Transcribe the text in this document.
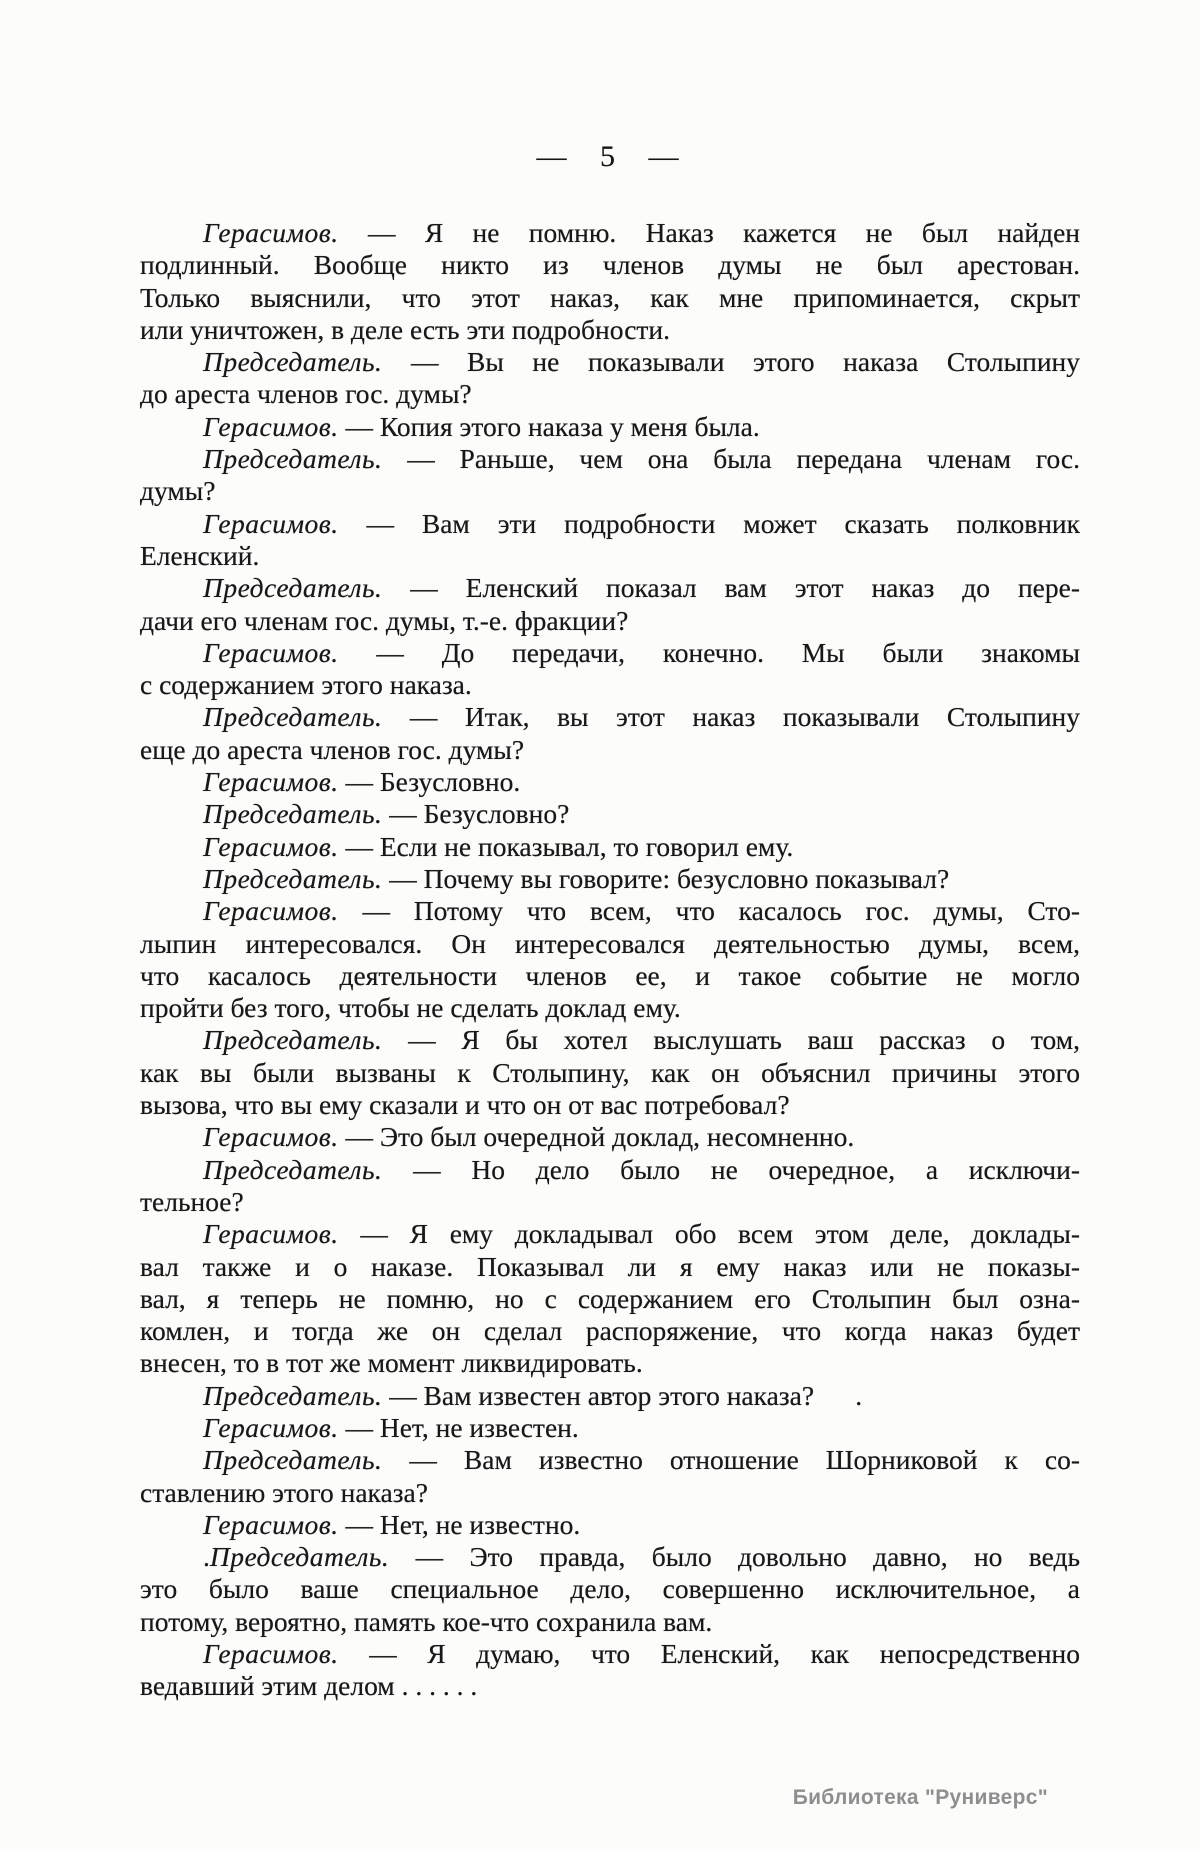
— 5 —
Герасимов. — Я не помню. Наказ кажется не был найден
подлинный. Вообще никто из членов думы не был арестован.
Только выяснили, что этот наказ, как мне припоминается, скрыт
или уничтожен, в деле есть эти подробности.
Председатель. — Вы не показывали этого наказа Столыпину
до ареста членов гос. думы?
Герасимов. — Копия этого наказа у меня была.
Председатель. — Раньше, чем она была передана членам гос.
думы?
Герасимов. — Вам эти подробности может сказать полковник
Еленский.
Председатель. — Еленский показал вам этот наказ до пере-
дачи его членам гос. думы, т.-е. фракции?
Герасимов. — До передачи, конечно. Мы были знакомы
с содержанием этого наказа.
Председатель. — Итак, вы этот наказ показывали Столыпину
еще до ареста членов гос. думы?
Герасимов. — Безусловно.
Председатель. — Безусловно?
Герасимов. — Если не показывал, то говорил ему.
Председатель. — Почему вы говорите: безусловно показывал?
Герасимов. — Потому что всем, что касалось гос. думы, Сто-
лыпин интересовался. Он интересовался деятельностью думы, всем,
что касалось деятельности членов ее, и такое событие не могло
пройти без того, чтобы не сделать доклад ему.
Председатель. — Я бы хотел выслушать ваш рассказ о том,
как вы были вызваны к Столыпину, как он объяснил причины этого
вызова, что вы ему сказали и что он от вас потребовал?
Герасимов. — Это был очередной доклад, несомненно.
Председатель. — Но дело было не очередное, а исключи-
тельное?
Герасимов. — Я ему докладывал обо всем этом деле, доклады-
вал также и о наказе. Показывал ли я ему наказ или не показы-
вал, я теперь не помню, но с содержанием его Столыпин был озна-
комлен, и тогда же он сделал распоряжение, что когда наказ будет
внесен, то в тот же момент ликвидировать.
Председатель. — Вам известен автор этого наказа?      .
Герасимов. — Нет, не известен.
Председатель. — Вам известно отношение Шорниковой к со-
ставлению этого наказа?
Герасимов. — Нет, не известно.
.Председатель. — Это правда, было довольно давно, но ведь
это было ваше специальное дело, совершенно исключительное, а
потому, вероятно, память кое-что сохранила вам.
Герасимов. — Я думаю, что Еленский, как непосредственно
ведавший этим делом . . . . . .
Библиотека "Руниверс"
